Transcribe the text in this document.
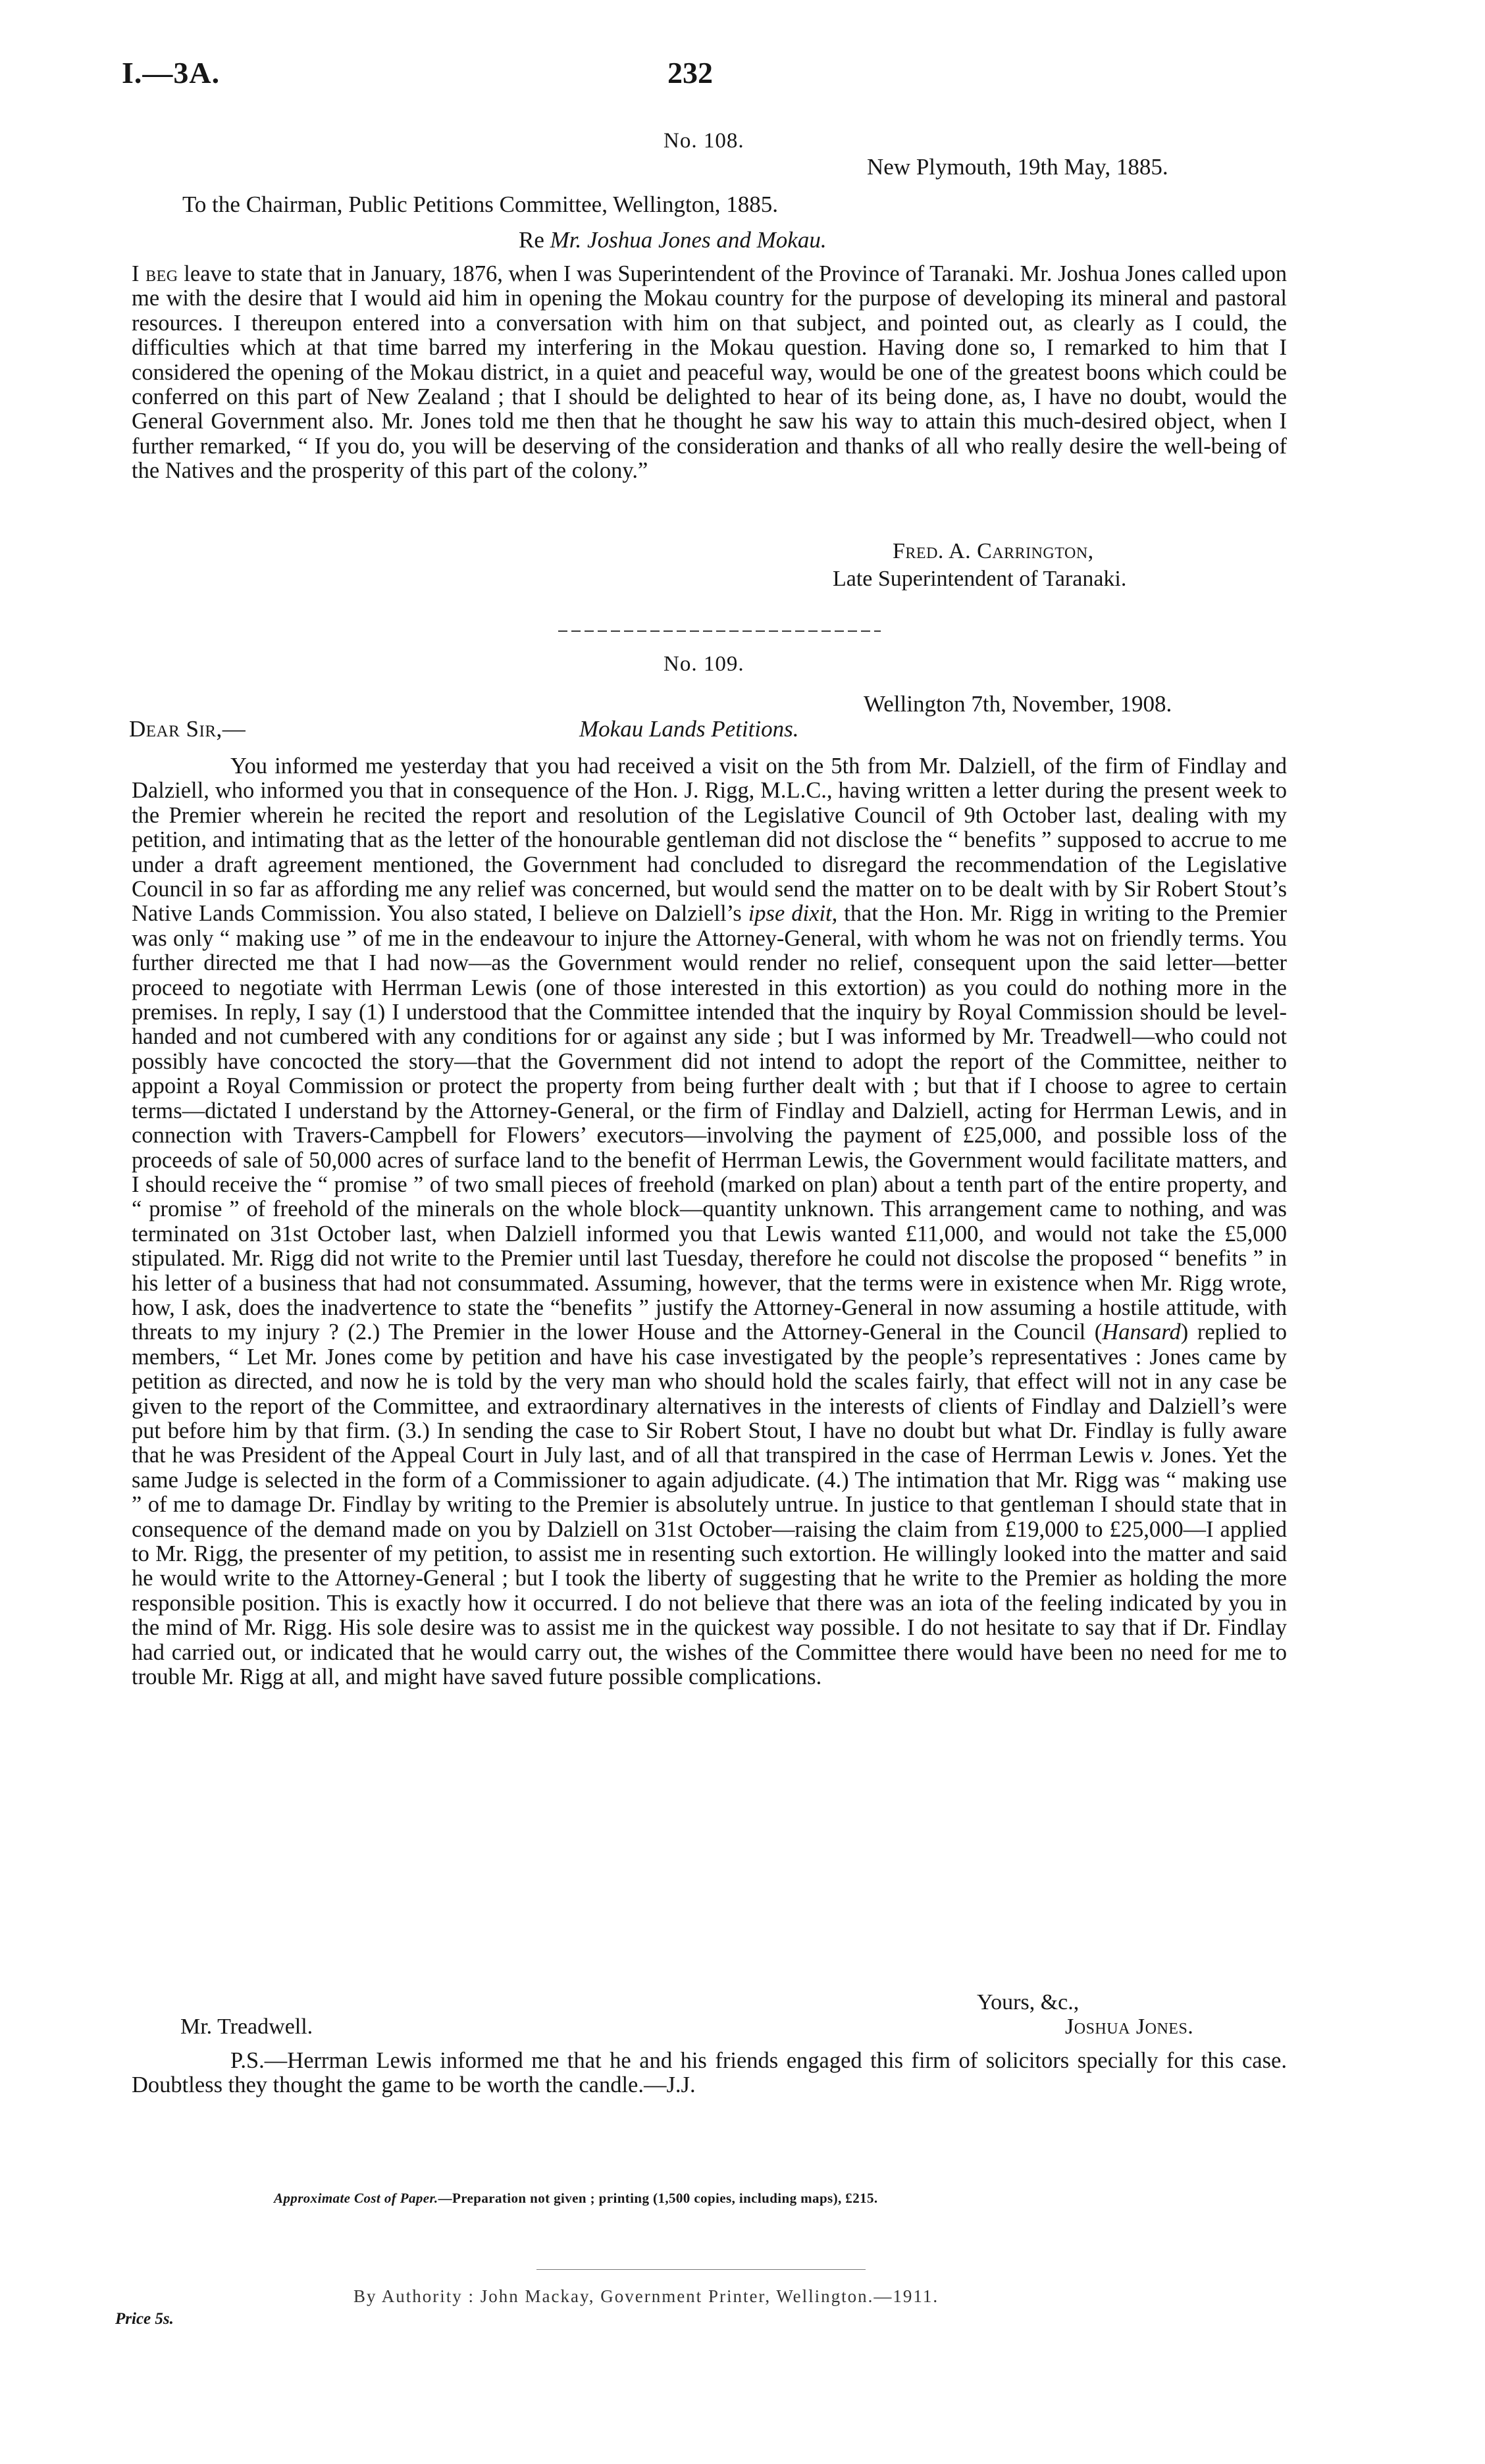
I.—3A.	232
No. 108.
New Plymouth, 19th May, 1885.
To the Chairman, Public Petitions Committee, Wellington, 1885.
Re Mr. Joshua Jones and Mokau.

I beg leave to state that in January, 1876, when I was Superintendent of the Province of Taranaki. Mr. Joshua Jones called upon me with the desire that I would aid him in opening the Mokau country for the purpose of developing its mineral and pastoral resources. I thereupon entered into a conversation with him on that subject, and pointed out, as clearly as I could, the difficulties which at that time barred my interfering in the Mokau question. Having done so, I remarked to him that I considered the opening of the Mokau district, in a quiet and peaceful way, would be one of the greatest boons which could be conferred on this part of New Zealand ; that I should be delighted to hear of its being done, as, I have no doubt, would the General Government also. Mr. Jones told me then that he thought he saw his way to attain this much-desired object, when I further remarked, “ If you do, you will be deserving of the consideration and thanks of all who really desire the well-being of the Natives and the prosperity of this part of the colony.”

Fred. A. Carrington,
Late Superintendent of Taranaki.
No. 109.
Wellington 7th, November, 1908.
Dear Sir,—	Mokau Lands Petitions.

You informed me yesterday that you had received a visit on the 5th from Mr. Dalziell, of the firm of Findlay and Dalziell, who informed you that in consequence of the Hon. J. Rigg, M.L.C., having written a letter during the present week to the Premier wherein he recited the report and resolution of the Legislative Council of 9th October last, dealing with my petition, and intimating that as the letter of the honourable gentleman did not disclose the “ benefits ” supposed to accrue to me under a draft agreement mentioned, the Government had concluded to disregard the recommendation of the Legislative Council in so far as affording me any relief was concerned, but would send the matter on to be dealt with by Sir Robert Stout’s Native Lands Commission. You also stated, I believe on Dalziell’s ipse dixit, that the Hon. Mr. Rigg in writing to the Premier was only “ making use ” of me in the endeavour to injure the Attorney-General, with whom he was not on friendly terms. You further directed me that I had now—as the Government would render no relief, consequent upon the said letter—better proceed to negotiate with Herrman Lewis (one of those interested in this extortion) as you could do nothing more in the premises. In reply, I say (1) I understood that the Committee intended that the inquiry by Royal Commission should be level-handed and not cumbered with any conditions for or against any side ; but I was informed by Mr. Treadwell—who could not possibly have concocted the story—that the Government did not intend to adopt the report of the Committee, neither to appoint a Royal Commission or protect the property from being further dealt with ; but that if I choose to agree to certain terms—dictated I understand by the Attorney-General, or the firm of Findlay and Dalziell, acting for Herrman Lewis, and in connection with Travers-Campbell for Flowers’ executors—involving the payment of £25,000, and possible loss of the proceeds of sale of 50,000 acres of surface land to the benefit of Herrman Lewis, the Government would facilitate matters, and I should receive the “ promise ” of two small pieces of freehold (marked on plan) about a tenth part of the entire property, and “ promise ” of freehold of the minerals on the whole block—quantity unknown. This arrangement came to nothing, and was terminated on 31st October last, when Dalziell informed you that Lewis wanted £11,000, and would not take the £5,000 stipulated. Mr. Rigg did not write to the Premier until last Tuesday, therefore he could not discolse the proposed “ benefits ” in his letter of a business that had not consummated. Assuming, however, that the terms were in existence when Mr. Rigg wrote, how, I ask, does the inadvertence to state the “benefits ” justify the Attorney-General in now assuming a hostile attitude, with threats to my injury ? (2.) The Premier in the lower House and the Attorney-General in the Council (Hansard) replied to members, “ Let Mr. Jones come by petition and have his case investigated by the people’s representatives : Jones came by petition as directed, and now he is told by the very man who should hold the scales fairly, that effect will not in any case be given to the report of the Committee, and extraordinary alternatives in the interests of clients of Findlay and Dalziell’s were put before him by that firm. (3.) In sending the case to Sir Robert Stout, I have no doubt but what Dr. Findlay is fully aware that he was President of the Appeal Court in July last, and of all that transpired in the case of Herrman Lewis v. Jones. Yet the same Judge is selected in the form of a Commissioner to again adjudicate. (4.) The intimation that Mr. Rigg was “ making use ” of me to damage Dr. Findlay by writing to the Premier is absolutely untrue. In justice to that gentleman I should state that in consequence of the demand made on you by Dalziell on 31st October—raising the claim from £19,000 to £25,000—I applied to Mr. Rigg, the presenter of my petition, to assist me in resenting such extortion. He willingly looked into the matter and said he would write to the Attorney-General ; but I took the liberty of suggesting that he write to the Premier as holding the more responsible position. This is exactly how it occurred. I do not believe that there was an iota of the feeling indicated by you in the mind of Mr. Rigg. His sole desire was to assist me in the quickest way possible. I do not hesitate to say that if Dr. Findlay had carried out, or indicated that he would carry out, the wishes of the Committee there would have been no need for me to trouble Mr. Rigg at all, and might have saved future possible complications.

Yours, &c.,
Mr. Treadwell.	Joshua Jones.

P.S.—Herrman Lewis informed me that he and his friends engaged this firm of solicitors specially for this case. Doubtless they thought the game to be worth the candle.—J.J.

Approximate Cost of Paper.—Preparation not given ; printing (1,500 copies, including maps), £215.
By Authority : John Mackay, Government Printer, Wellington.—1911.
Price 5s.
